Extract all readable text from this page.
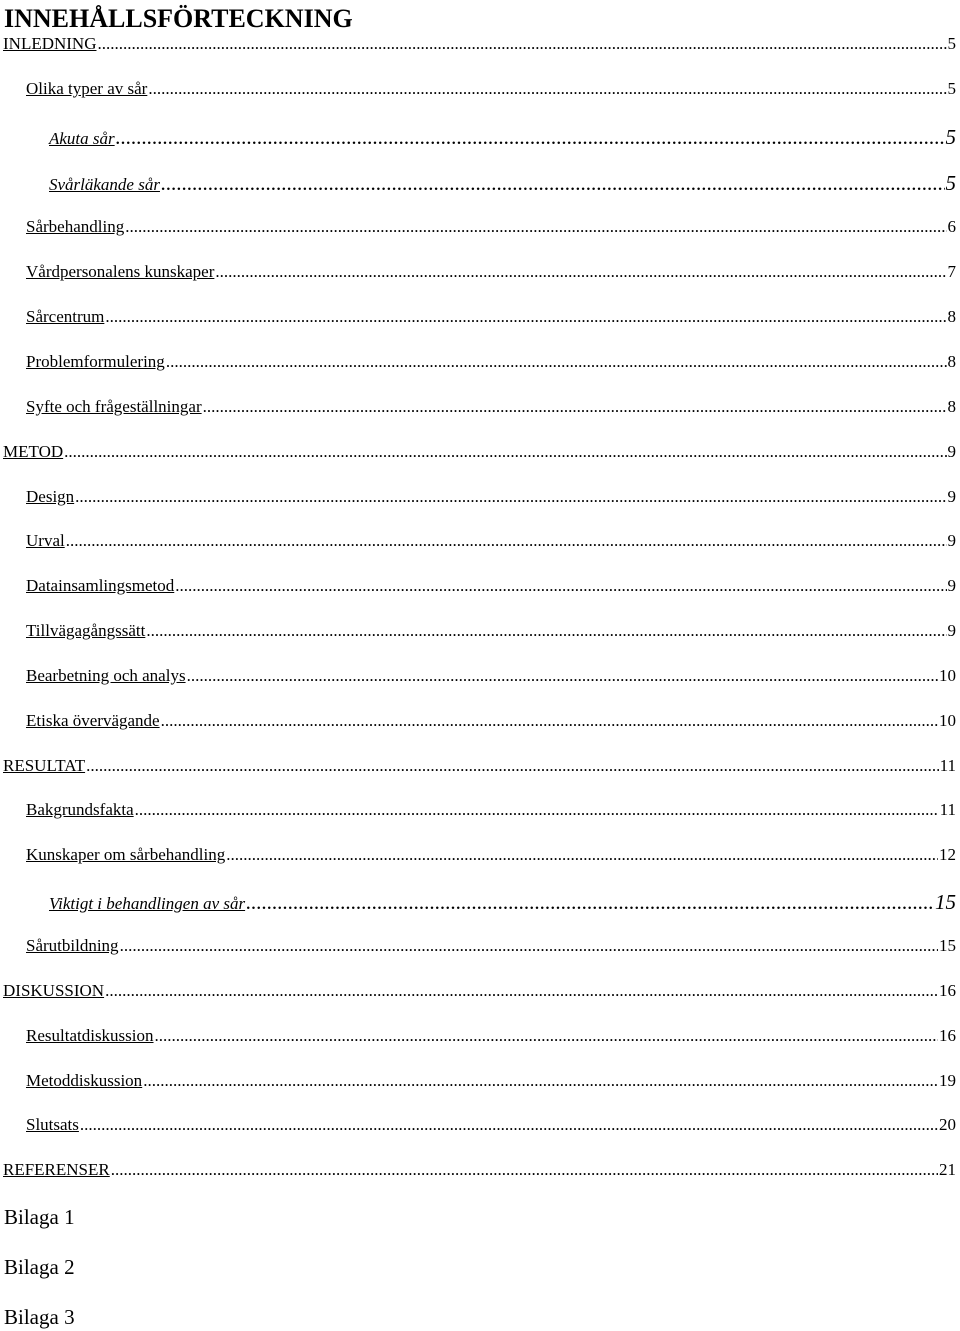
INNEHÅLLSFÖRTECKNING
INLEDNING .....	5
Olika typer av sår .....	5
Akuta sår .....	5
Svårläkande sår .....	5
Sårbehandling .....	6
Vårdpersonalens kunskaper .....	7
Sårcentrum .....	8
Problemformulering .....	8
Syfte och frågeställningar .....	8
METOD .....	9
Design .....	9
Urval .....	9
Datainsamlingsmetod .....	9
Tillvägagångssätt .....	9
Bearbetning och analys .....	10
Etiska övervägande .....	10
RESULTAT .....	11
Bakgrundsfakta .....	11
Kunskaper om sårbehandling .....	12
Viktigt i behandlingen av sår .....	15
Sårutbildning .....	15
DISKUSSION .....	16
Resultatdiskussion .....	16
Metoddiskussion .....	19
Slutsats .....	20
REFERENSER .....	21
Bilaga 1
Bilaga 2
Bilaga 3
